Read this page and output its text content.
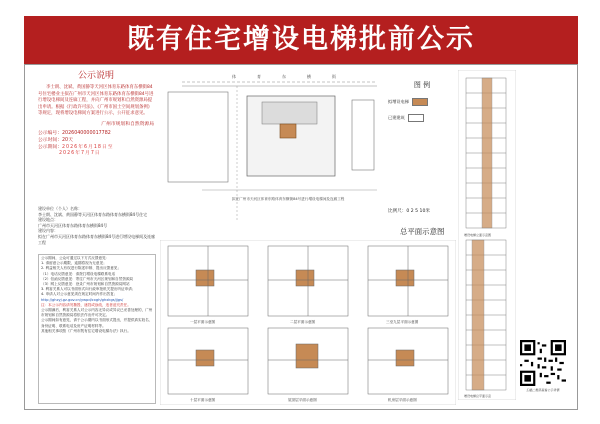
既有住宅增设电梯批前公示
公示说明
李士朗、沈斌、黄国静等天河区体育东路体育东横街84号住宅楼业主拟在广州市天河区体育东路体育东横街84号进行增设电梯间及连廊工程，并向广州市规划和自然资源局提出申请。根据《行政许可法》、《广州市国土空间规划条例》等规定，现将增设电梯间方案进行公示，公开征求意见。
广州市规划和自然资源局
公示编号：2026040000017782
公示时间：20天
公示期间：2026年6月18日至
2026年7月7日
建设单位（个人）名称：
李士朗、沈斌、黄国静等天河区体育东路体育东横街84号住宅
建设地点：
广州市天河区体育东路体育东横街84号
建设内容：
拟在广州市天河区体育东路体育东横街84号进行增设电梯间及连廊工程
公示期间，公众可通过以下方式反馈意见：
1. 请留意公示期限，逾期将视为无意见；
2. 利益相关人有权进行陈述申辩、提出反馈意见；
（1）电话反馈意见：请拨打增设电梯联系电话
（2）信函反馈意见：寄往广州市天河区规划和自然资源局
（3）网上反馈意见：登录广州市规划和自然资源局网站
3. 利害关系人可以书面形式向行政审批机关提出听证申请；
4. 申请人对公示意见须在规定时间内作出答复；
http://ghzyj.gz.gov.cn/ywpd/cxgh/ghxkgs/jjgs/
注：本公示内容请勿撕毁、遮挡或涂改，违者追究责任。
公示期满后，利害关系人对公示内容无异议或异议已妥善处理的，广州市规划和自然资源局将依法作出许可决定。
公示期间如有意见，请于公示期内以书面形式提出，并提供真实姓名、身份证明、联系电话及房产证明材料等。
其他相关事项按《广州市既有住宅增设电梯办法》执行。
体	育	东	横	街
拟在广州市天河区体育东路体育东横街84号进行增设电梯间及连廊工程
图 例
拟增设电梯
已建建筑
比例尺：0 2 5 10米
总平面示意图
一层平面示意图	二层平面示意图	三至九层平面示意图
十层平面示意图	屋顶层平面示意图	机房层平面示意图
增设电梯立面示意图
增设电梯总平面示意
扫描二维码查看公示详情
